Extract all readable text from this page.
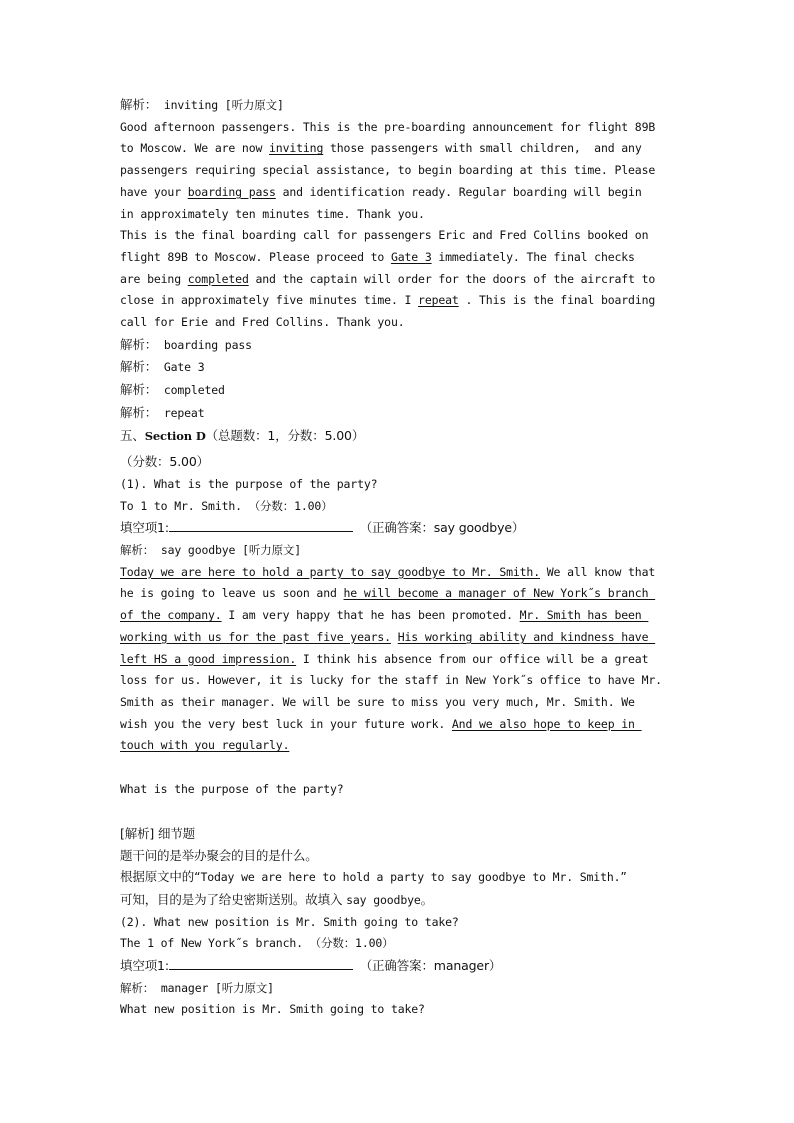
解析： inviting [听力原文]
Good afternoon passengers. This is the pre-boarding announcement for flight 89B
to Moscow. We are now inviting those passengers with small children,  and any
passengers requiring special assistance, to begin boarding at this time. Please
have your boarding pass and identification ready. Regular boarding will begin
in approximately ten minutes time. Thank you.
This is the final boarding call for passengers Eric and Fred Collins booked on
flight 89B to Moscow. Please proceed to Gate 3 immediately. The final checks
are being completed and the captain will order for the doors of the aircraft to
close in approximately five minutes time. I repeat . This is the final boarding
call for Erie and Fred Collins. Thank you.
解析： boarding pass
解析： Gate 3
解析： completed
解析： repeat
五、Section D（总题数：1，分数：5.00）
（分数：5.00）
(1). What is the purpose of the party?
To 1 to Mr. Smith. （分数：1.00）
填空项1:	（正确答案：say goodbye）
解析： say goodbye [听力原文]
Today we are here to hold a party to say goodbye to Mr. Smith. We all know that
he is going to leave us soon and he will become a manager of New York˝s branch
of the company. I am very happy that he has been promoted. Mr. Smith has been
working with us for the past five years. His working ability and kindness have
left HS a good impression. I think his absence from our office will be a great
loss for us. However, it is lucky for the staff in New York˝s office to have Mr.
Smith as their manager. We will be sure to miss you very much, Mr. Smith. We
wish you the very best luck in your future work. And we also hope to keep in
touch with you regularly.
What is the purpose of the party?
[解析] 细节题
题干问的是举办聚会的目的是什么。
根据原文中的“Today we are here to hold a party to say goodbye to Mr. Smith.”
可知，目的是为了给史密斯送别。故填入 say goodbye。
(2). What new position is Mr. Smith going to take?
The 1 of New York˝s branch. （分数：1.00）
填空项1:	（正确答案：manager）
解析： manager [听力原文]
What new position is Mr. Smith going to take?
